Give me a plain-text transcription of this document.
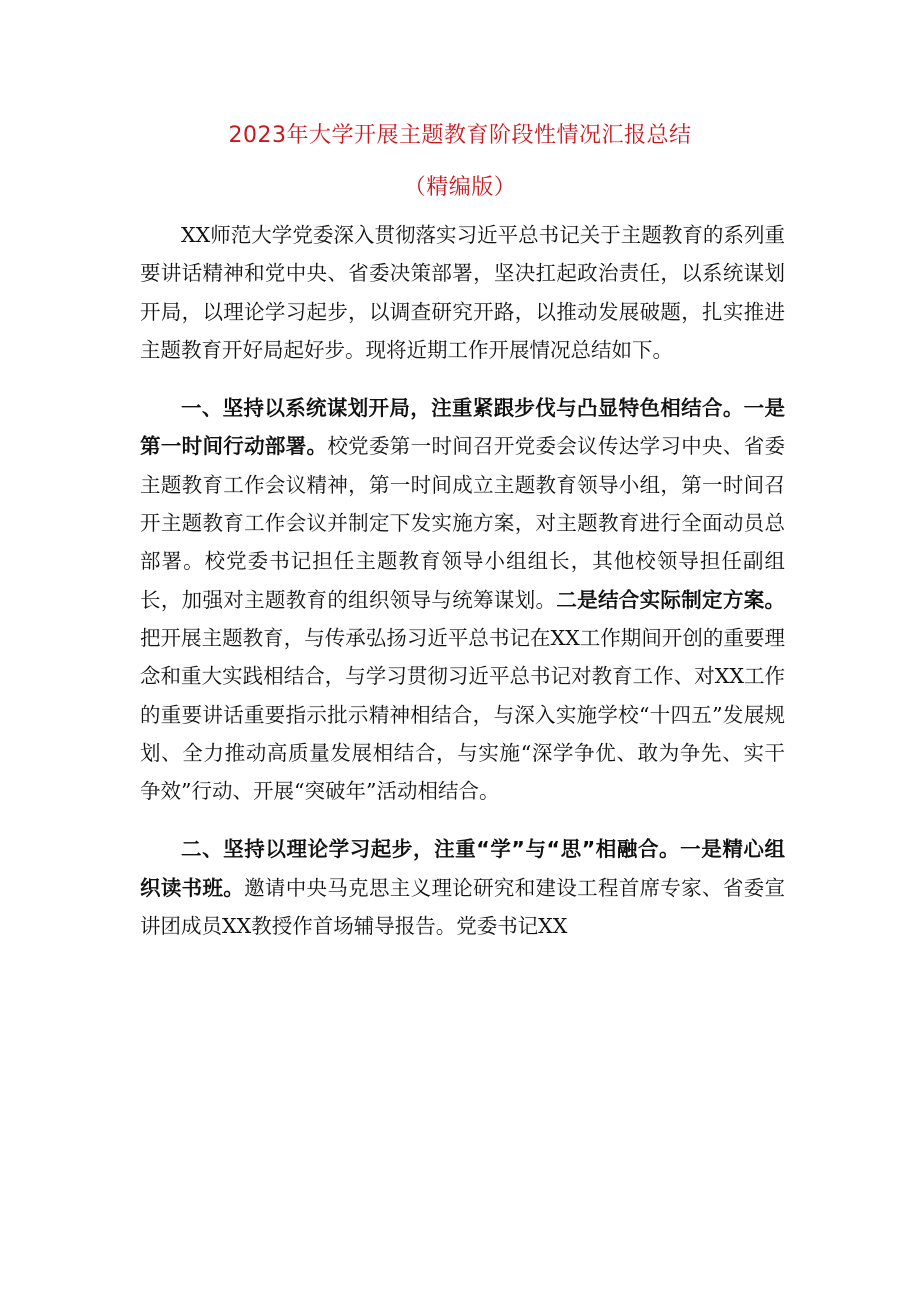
2023年大学开展主题教育阶段性情况汇报总结
（精编版）

XX师范大学党委深入贯彻落实习近平总书记关于主题教育的系列重要讲话精神和党中央、省委决策部署，坚决扛起政治责任，以系统谋划开局，以理论学习起步，以调查研究开路，以推动发展破题，扎实推进主题教育开好局起好步。现将近期工作开展情况总结如下。

一、坚持以系统谋划开局，注重紧跟步伐与凸显特色相结合。一是第一时间行动部署。校党委第一时间召开党委会议传达学习中央、省委主题教育工作会议精神，第一时间成立主题教育领导小组，第一时间召开主题教育工作会议并制定下发实施方案，对主题教育进行全面动员总部署。校党委书记担任主题教育领导小组组长，其他校领导担任副组长，加强对主题教育的组织领导与统筹谋划。二是结合实际制定方案。把开展主题教育，与传承弘扬习近平总书记在XX工作期间开创的重要理念和重大实践相结合，与学习贯彻习近平总书记对教育工作、对XX工作的重要讲话重要指示批示精神相结合，与深入实施学校“十四五”发展规划、全力推动高质量发展相结合，与实施“深学争优、敢为争先、实干争效”行动、开展“突破年”活动相结合。

二、坚持以理论学习起步，注重“学”与“思”相融合。一是精心组织读书班。邀请中央马克思主义理论研究和建设工程首席专家、省委宣讲团成员XX教授作首场辅导报告。党委书记XX
